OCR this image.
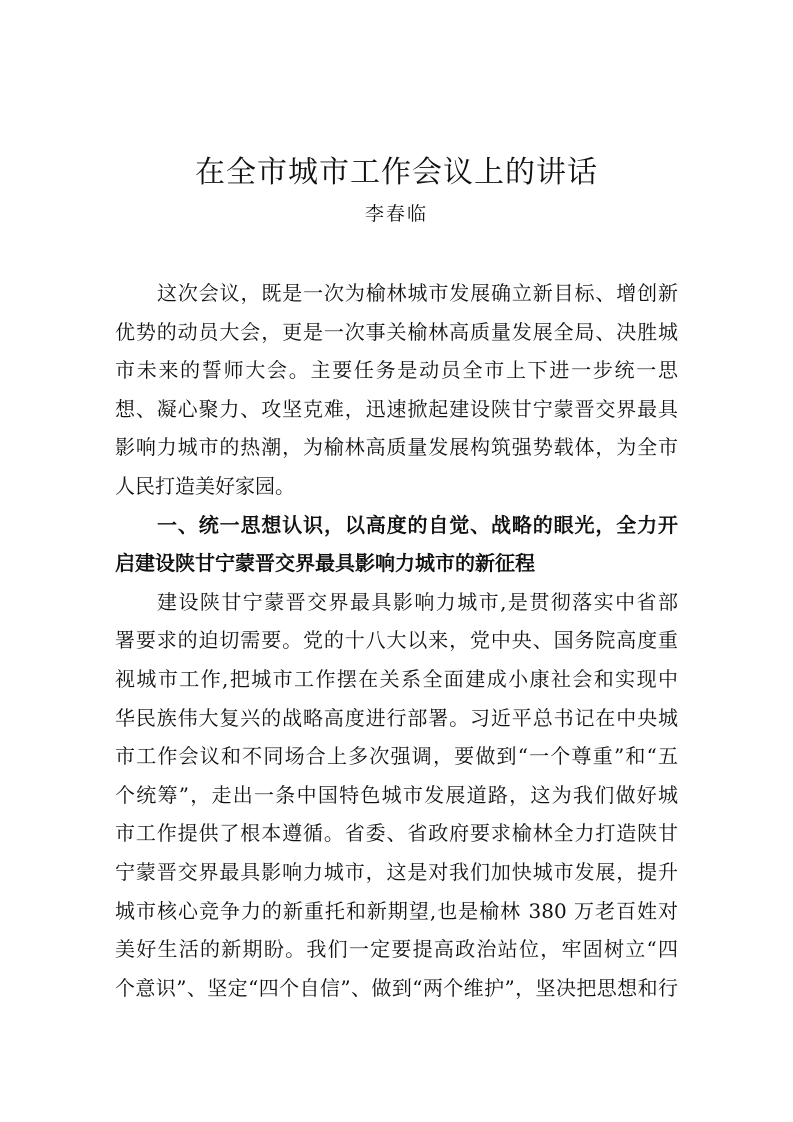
在全市城市工作会议上的讲话
李春临
这次会议，既是一次为榆林城市发展确立新目标、增创新
优势的动员大会，更是一次事关榆林高质量发展全局、决胜城
市未来的誓师大会。主要任务是动员全市上下进一步统一思
想、凝心聚力、攻坚克难，迅速掀起建设陕甘宁蒙晋交界最具
影响力城市的热潮，为榆林高质量发展构筑强势载体，为全市
人民打造美好家园。
一、统一思想认识，以高度的自觉、战略的眼光，全力开
启建设陕甘宁蒙晋交界最具影响力城市的新征程
建设陕甘宁蒙晋交界最具影响力城市,是贯彻落实中省部
署要求的迫切需要。党的十八大以来，党中央、国务院高度重
视城市工作,把城市工作摆在关系全面建成小康社会和实现中
华民族伟大复兴的战略高度进行部署。习近平总书记在中央城
市工作会议和不同场合上多次强调，要做到“一个尊重”和“五
个统筹”，走出一条中国特色城市发展道路，这为我们做好城
市工作提供了根本遵循。省委、省政府要求榆林全力打造陕甘
宁蒙晋交界最具影响力城市，这是对我们加快城市发展，提升
城市核心竞争力的新重托和新期望,也是榆林 380 万老百姓对
美好生活的新期盼。我们一定要提高政治站位，牢固树立“四
个意识”、坚定“四个自信”、做到“两个维护”，坚决把思想和行
